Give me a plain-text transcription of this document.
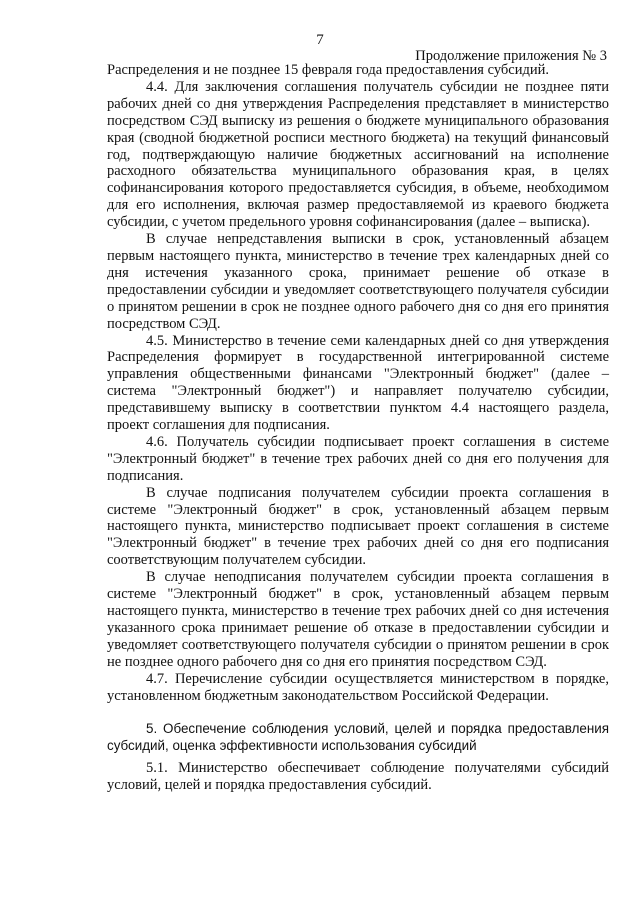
7
Продолжение приложения № 3

Распределения и не позднее 15 февраля года предоставления субсидий.

4.4. Для заключения соглашения получатель субсидии не позднее пяти рабочих дней со дня утверждения Распределения представляет в министерство посредством СЭД выписку из решения о бюджете муниципального образования края (сводной бюджетной росписи местного бюджета) на текущий финансовый год, подтверждающую наличие бюджетных ассигнований на исполнение расходного обязательства муниципального образования края, в целях софинансирования которого предоставляется субсидия, в объеме, необходимом для его исполнения, включая размер предоставляемой из краевого бюджета субсидии, с учетом предельного уровня софинансирования (далее – выписка).

В случае непредставления выписки в срок, установленный абзацем первым настоящего пункта, министерство в течение трех календарных дней со дня истечения указанного срока, принимает решение об отказе в предоставлении субсидии и уведомляет соответствующего получателя субсидии о принятом решении в срок не позднее одного рабочего дня со дня его принятия посредством СЭД.

4.5. Министерство в течение семи календарных дней со дня утверждения Распределения формирует в государственной интегрированной системе управления общественными финансами "Электронный бюджет" (далее – система "Электронный бюджет") и направляет получателю субсидии, представившему выписку в соответствии пунктом 4.4 настоящего раздела, проект соглашения для подписания.

4.6. Получатель субсидии подписывает проект соглашения в системе "Электронный бюджет" в течение трех рабочих дней со дня его получения для подписания.

В случае подписания получателем субсидии проекта соглашения в системе "Электронный бюджет" в срок, установленный абзацем первым настоящего пункта, министерство подписывает проект соглашения в системе "Электронный бюджет" в течение трех рабочих дней со дня его подписания соответствующим получателем субсидии.

В случае неподписания получателем субсидии проекта соглашения в системе "Электронный бюджет" в срок, установленный абзацем первым настоящего пункта, министерство в течение трех рабочих дней со дня истечения указанного срока принимает решение об отказе в предоставлении субсидии и уведомляет соответствующего получателя субсидии о принятом решении в срок не позднее одного рабочего дня со дня его принятия посредством СЭД.

4.7. Перечисление субсидии осуществляется министерством в порядке, установленном бюджетным законодательством Российской Федерации.

5. Обеспечение соблюдения условий, целей и порядка предоставления субсидий, оценка эффективности использования субсидий

5.1. Министерство обеспечивает соблюдение получателями субсидий условий, целей и порядка предоставления субсидий.
